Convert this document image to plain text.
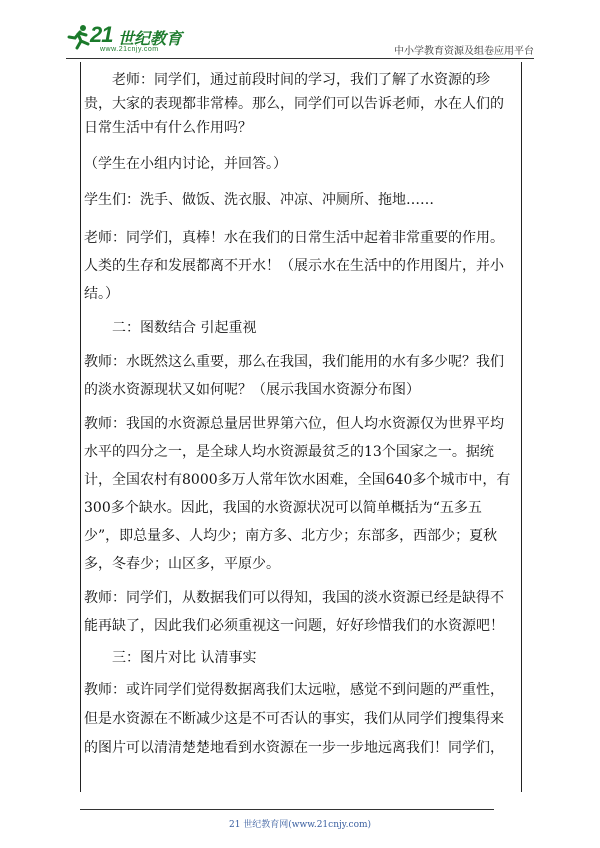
21 世纪教育
www.21cnjy.com	中小学教育资源及组卷应用平台

老师：同学们，通过前段时间的学习，我们了解了水资源的珍贵，大家的表现都非常棒。那么，同学们可以告诉老师，水在人们的日常生活中有什么作用吗？

（学生在小组内讨论，并回答。）

学生们：洗手、做饭、洗衣服、冲凉、冲厕所、拖地……

老师：同学们，真棒！水在我们的日常生活中起着非常重要的作用。人类的生存和发展都离不开水！（展示水在生活中的作用图片，并小结。）

二：图数结合 引起重视

教师：水既然这么重要，那么在我国，我们能用的水有多少呢？我们的淡水资源现状又如何呢？（展示我国水资源分布图）

教师：我国的水资源总量居世界第六位，但人均水资源仅为世界平均水平的四分之一，是全球人均水资源最贫乏的13个国家之一。据统计，全国农村有8000多万人常年饮水困难，全国640多个城市中，有300多个缺水。因此，我国的水资源状况可以简单概括为“五多五少”，即总量多、人均少；南方多、北方少；东部多，西部少；夏秋多，冬春少；山区多，平原少。

教师：同学们，从数据我们可以得知，我国的淡水资源已经是缺得不能再缺了，因此我们必须重视这一问题，好好珍惜我们的水资源吧！

三：图片对比 认清事实

教师：或许同学们觉得数据离我们太远啦，感觉不到问题的严重性，但是水资源在不断减少这是不可否认的事实，我们从同学们搜集得来的图片可以清清楚楚地看到水资源在一步一步地远离我们！同学们，

21 世纪教育网(www.21cnjy.com)
